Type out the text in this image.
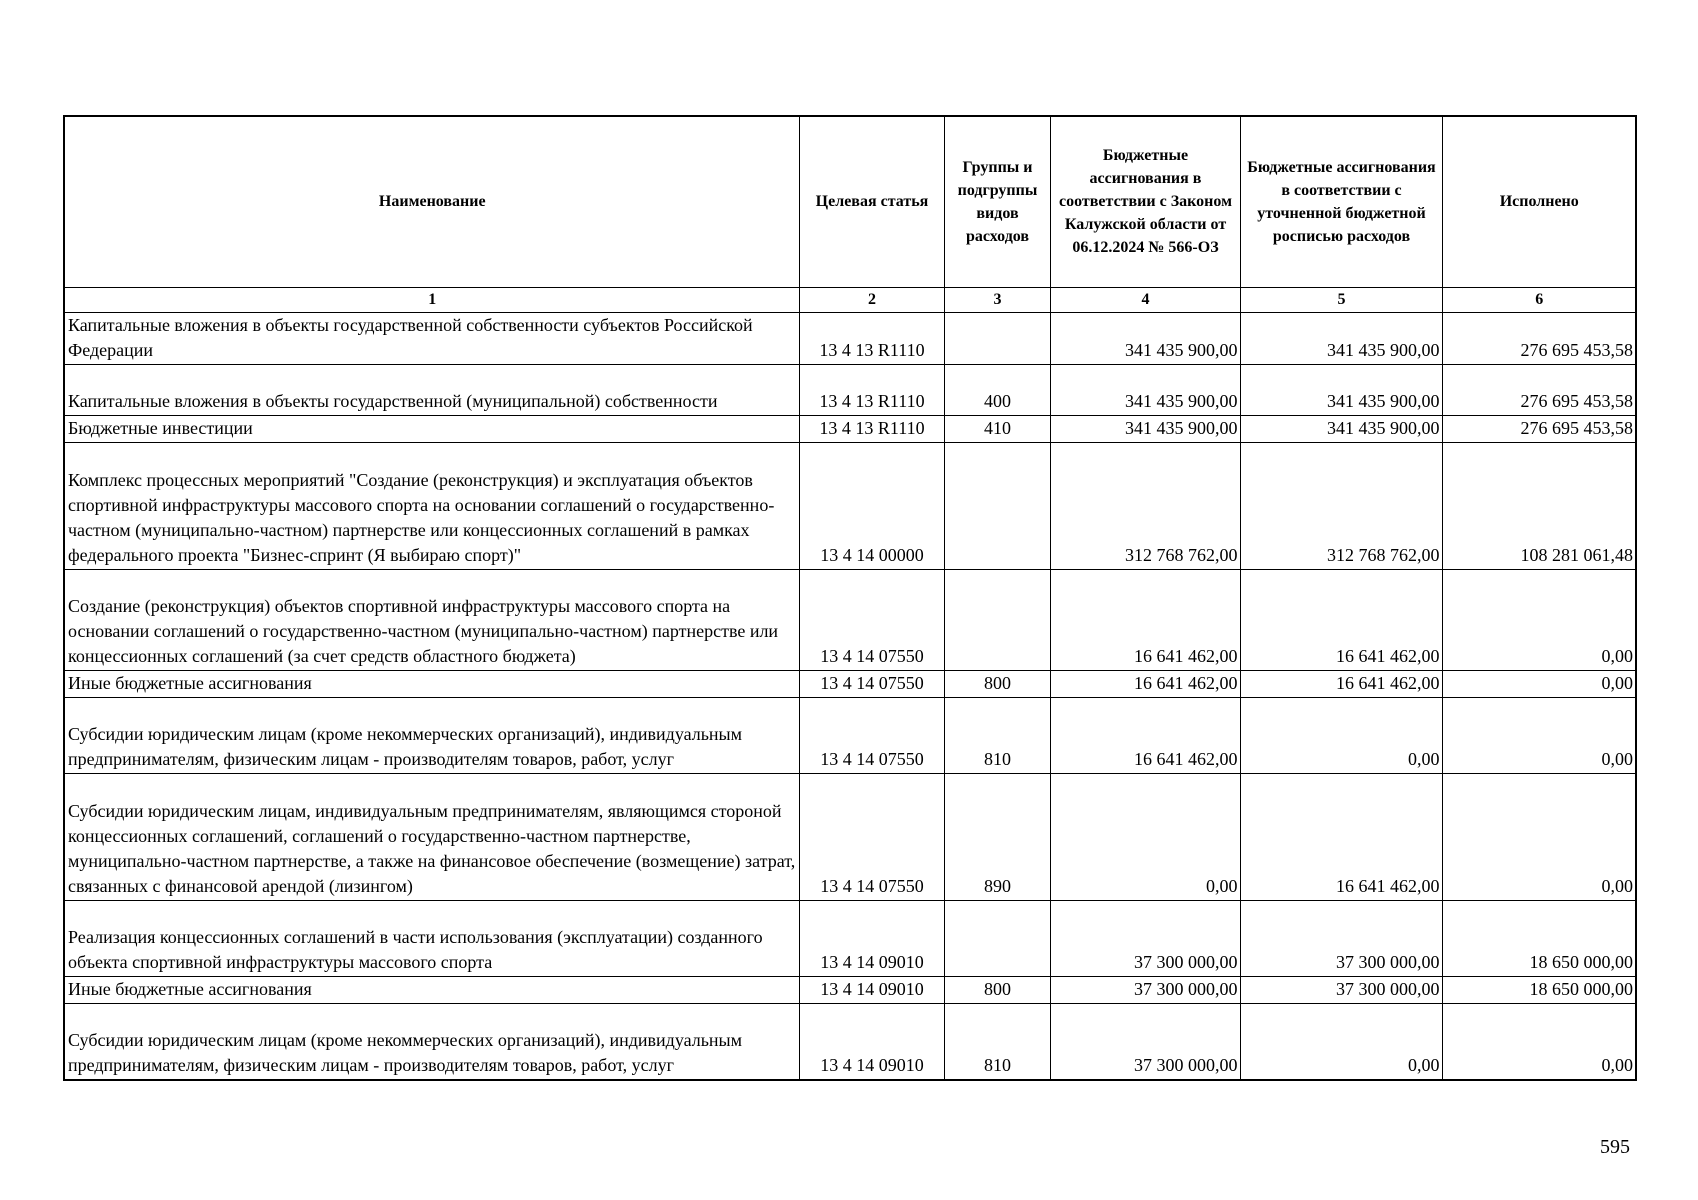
Наименование	Целевая статья	Группы и подгруппы видов расходов	Бюджетные ассигнования в соответствии с Законом Калужской области от 06.12.2024 № 566-ОЗ	Бюджетные ассигнования в соответствии с уточненной бюджетной росписью расходов	Исполнено
1	2	3	4	5	6
Капитальные вложения в объекты государственной собственности субъектов Российской Федерации	13 4 13 R1110		341 435 900,00	341 435 900,00	276 695 453,58
Капитальные вложения в объекты государственной (муниципальной) собственности	13 4 13 R1110	400	341 435 900,00	341 435 900,00	276 695 453,58
Бюджетные инвестиции	13 4 13 R1110	410	341 435 900,00	341 435 900,00	276 695 453,58
Комплекс процессных мероприятий "Создание (реконструкция) и эксплуатация объектов спортивной инфраструктуры массового спорта на основании соглашений о государственно-частном (муниципально-частном) партнерстве или концессионных соглашений в рамках федерального проекта "Бизнес-спринт (Я выбираю спорт)"	13 4 14 00000		312 768 762,00	312 768 762,00	108 281 061,48
Создание (реконструкция) объектов спортивной инфраструктуры массового спорта на основании соглашений о государственно-частном (муниципально-частном) партнерстве или концессионных соглашений (за счет средств областного бюджета)	13 4 14 07550		16 641 462,00	16 641 462,00	0,00
Иные бюджетные ассигнования	13 4 14 07550	800	16 641 462,00	16 641 462,00	0,00
Субсидии юридическим лицам (кроме некоммерческих организаций), индивидуальным предпринимателям, физическим лицам - производителям товаров, работ, услуг	13 4 14 07550	810	16 641 462,00	0,00	0,00
Субсидии юридическим лицам, индивидуальным предпринимателям, являющимся стороной концессионных соглашений, соглашений о государственно-частном партнерстве, муниципально-частном партнерстве, а также на финансовое обеспечение (возмещение) затрат, связанных с финансовой арендой (лизингом)	13 4 14 07550	890	0,00	16 641 462,00	0,00
Реализация концессионных соглашений в части использования (эксплуатации) созданного объекта спортивной инфраструктуры массового спорта	13 4 14 09010		37 300 000,00	37 300 000,00	18 650 000,00
Иные бюджетные ассигнования	13 4 14 09010	800	37 300 000,00	37 300 000,00	18 650 000,00
Субсидии юридическим лицам (кроме некоммерческих организаций), индивидуальным предпринимателям, физическим лицам - производителям товаров, работ, услуг	13 4 14 09010	810	37 300 000,00	0,00	0,00
595
